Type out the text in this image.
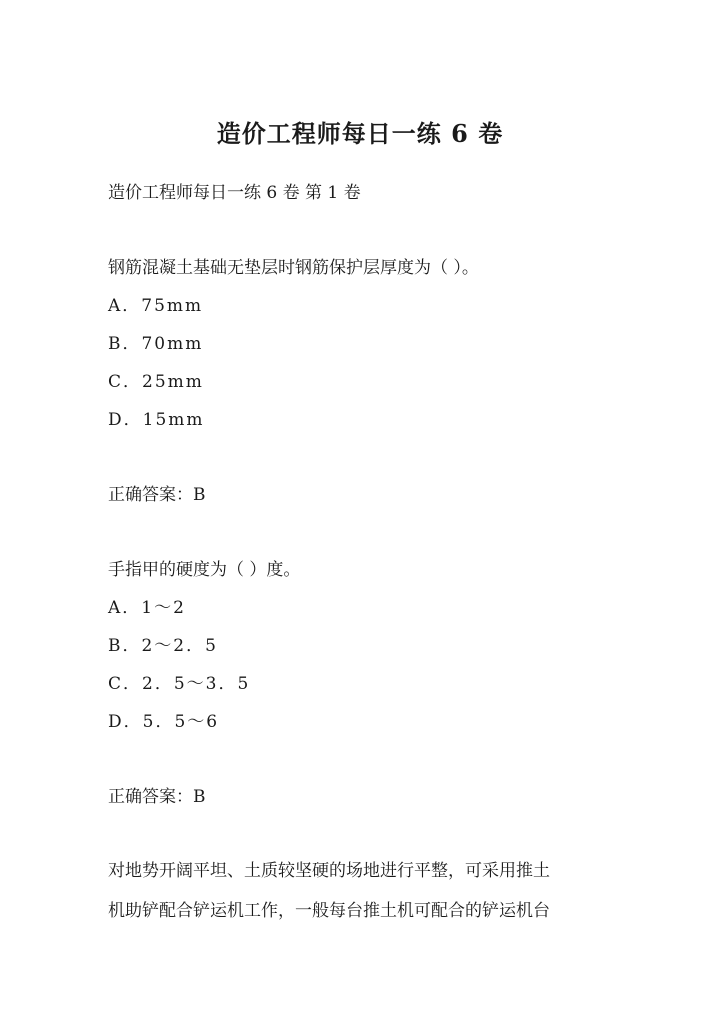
造价工程师每日一练 6 卷
造价工程师每日一练 6 卷 第 1 卷
钢筋混凝土基础无垫层时钢筋保护层厚度为（ ）。
A．75mm
B．70mm
C．25mm
D．15mm
正确答案：B
手指甲的硬度为（ ）度。
A．1～2
B．2～2．5
C．2．5～3．5
D．5．5～6
正确答案：B
对地势开阔平坦、土质较坚硬的场地进行平整，可采用推土
机助铲配合铲运机工作，一般每台推土机可配合的铲运机台
